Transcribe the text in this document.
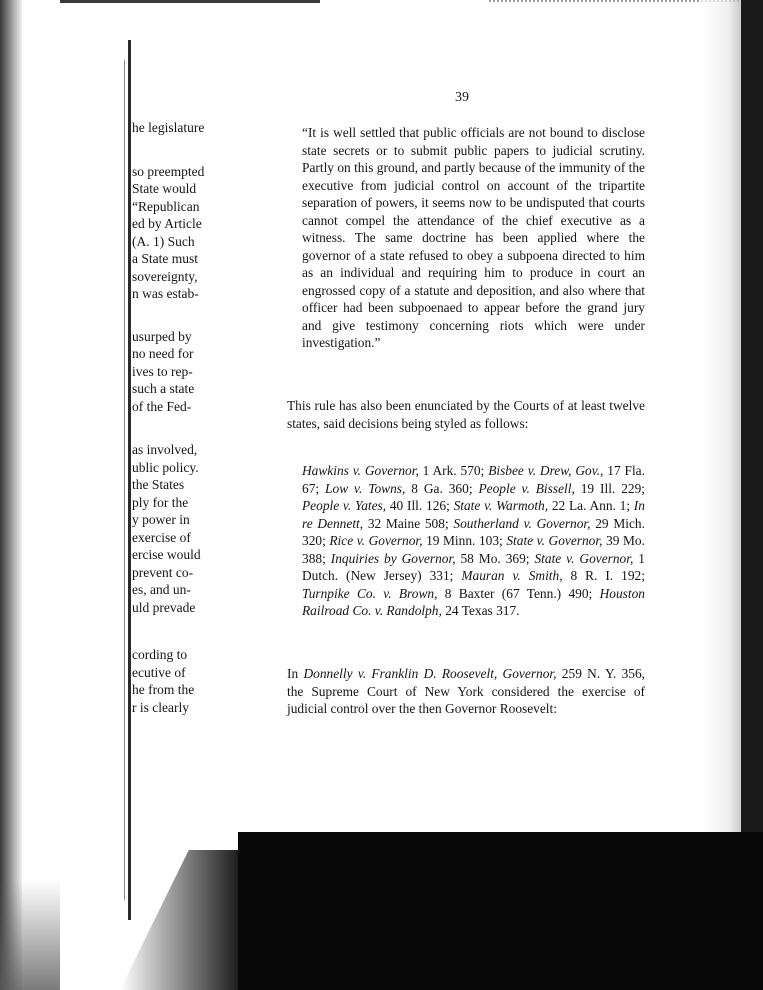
he legislature
so preempted
State would
“Republican
ed by Article
(A. 1) Such
a State must
sovereignty,
n was estab-
usurped by
no need for
ives to rep-
such a state
of the Fed-
as involved,
ublic policy.
the States
ply for the
y power in
exercise of
ercise would
prevent co-
es, and un-
uld prevade
cording to
ecutive of
he from the
r is clearly
39

“It is well settled that public officials are not bound to disclose state secrets or to submit public papers to judicial scrutiny. Partly on this ground, and partly because of the immunity of the executive from judicial control on account of the tripartite separation of powers, it seems now to be undisputed that courts cannot compel the attendance of the chief executive as a witness. The same doctrine has been applied where the governor of a state refused to obey a subpoena directed to him as an individual and requiring him to produce in court an engrossed copy of a statute and deposition, and also where that officer had been subpoenaed to appear before the grand jury and give testimony concerning riots which were under investigation.”

This rule has also been enunciated by the Courts of at least twelve states, said decisions being styled as follows:

Hawkins v. Governor, 1 Ark. 570; Bisbee v. Drew, Gov., 17 Fla. 67; Low v. Towns, 8 Ga. 360; People v. Bissell, 19 Ill. 229; People v. Yates, 40 Ill. 126; State v. Warmoth, 22 La. Ann. 1; In re Dennett, 32 Maine 508; Southerland v. Governor, 29 Mich. 320; Rice v. Governor, 19 Minn. 103; State v. Governor, 39 Mo. 388; Inquiries by Governor, 58 Mo. 369; State v. Governor, 1 Dutch. (New Jersey) 331; Mauran v. Smith, 8 R. I. 192; Turnpike Co. v. Brown, 8 Baxter (67 Tenn.) 490; Houston Railroad Co. v. Randolph, 24 Texas 317.

In Donnelly v. Franklin D. Roosevelt, Governor, 259 N. Y. 356, the Supreme Court of New York considered the exercise of judicial control over the then Governor Roosevelt:
